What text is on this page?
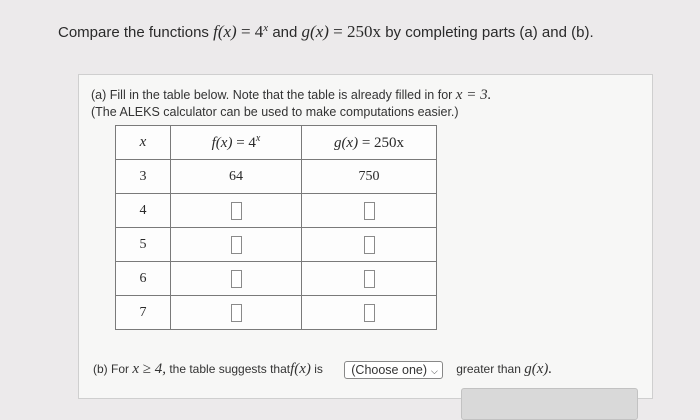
Compare the functions $f(x) = 4^x$ and g(x) = 250x by completing parts (a) and (b).
(a) Fill in the table below. Note that the table is already filled in for x = 3.
(The ALEKS calculator can be used to make computations easier.)
x	$f(x) = 4^x$	g(x) = 250x
3	64	750
4		
5		
6		
7		
(b) For x ≥ 4, the table suggests thatf(x) is (Choose one) ⌵ greater than g(x).
